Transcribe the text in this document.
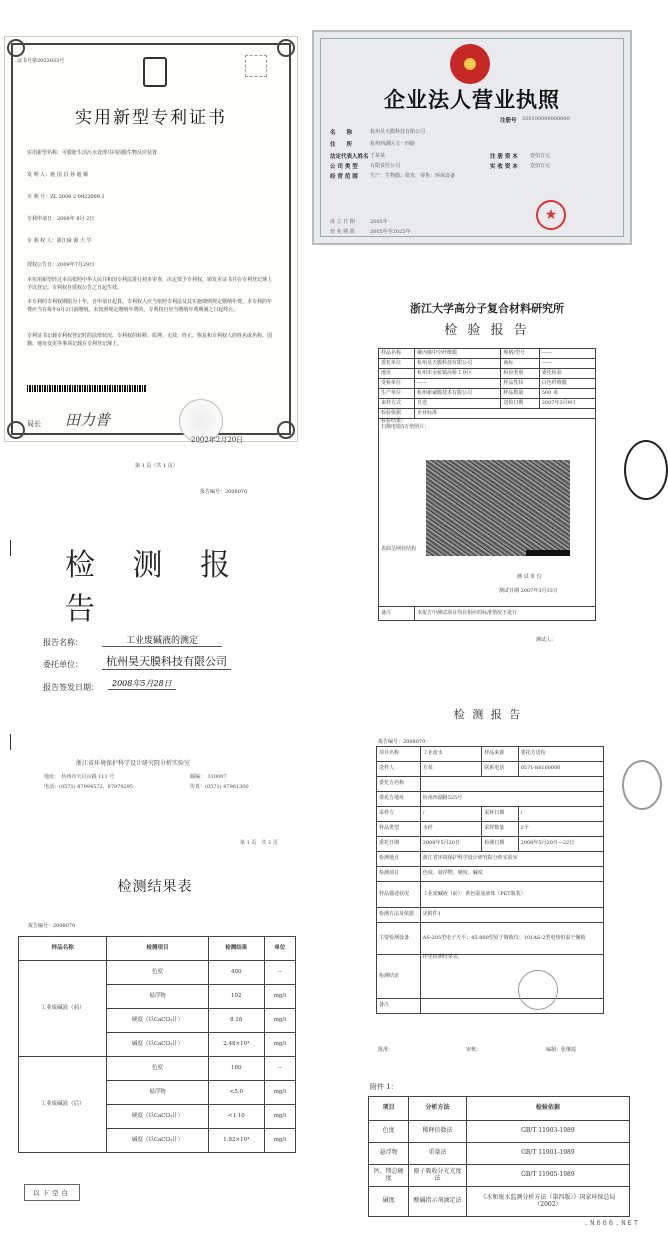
证书号第2023033号
实用新型专利证书
实用新型名称：可膨胀生活污水处理共同固膜生物反应装置
发 明 人：施 国 昌 孙 超 顺
专 利 号：ZL 2008 2 0922099.1
专利申请日：2008年 8月 2日
专 利 权 人：浙江绿 源 大 学
授权公告日：2009年7月29日
本实用新型经过本局依照中华人民共和国专利法进行初步审查，决定授予专利权，颁发本证书并在专利登记簿上予以登记。专利权自授权公告之日起生效。
本专利的专利权期限为十年，自申请日起算。专利权人应当依照专利法及其实施细则规定缴纳年费。本专利的年费应当在每年8月2日前缴纳。未按照规定缴纳年费的，专利权自应当缴纳年费期满之日起终止。
专利证书记载专利权登记时的法律状况。专利权的转移、质押、无效、终止、恢复和专利权人的姓名或名称、国籍、地址变更等事项记载在专利登记簿上。
局长 田力普
2002年2月20日
第 1 页（共 1 页）
企业法人营业执照
注册号 330100000000000
名　　称	杭州昊天膜科技有限公司
住　　所	杭州西湖区文一西路
法定代表人姓名 王某某
公 司 类 型 有限责任公司
经 营 范 围 生产：生物膜；批发、零售：环保设备
注 册 资 本 壹佰万元
实 收 资 本 壹佰万元
成 立 日 期	2005年
营 业 期 限	2005年至2025年
★
浙江大学高分子复合材料研究所
检 验 报 告
样品名称	聚丙烯中空纤维膜	规格/型号	------
委托单位	杭州昊天膜科技有限公司	商标	------
地址	杭州市余杭镇高桥工业区	检验类别	委托检验
受检单位	------	样品性状	白色纤维膜
生产单位	杭州新诚膜技术有限公司	样品数量	500 米
来样方式	自送	送检日期	2007年3月9日
检验依据	企业标准		

检验结果：
扫描电镜5万倍照片：
表面呈网状结构
测 试 单 位
测试日期 2007年3月13日			

备注	本报告中测试项目均在相应的标准情况下进行		
测试人：
报告编号：2008070
检 测 报 告
报告名称：	工业废碱液的测定
委托单位：	杭州昊天膜科技有限公司
报告签发日期：	2008年5月28日
浙江省环境保护科学设计研究院分析实验室
地址：　杭州市天目山路 111 号	邮编：　310007
电话：(0571) 87994572、87979295	传真：(0571) 87961300
第 1 页　共 2 页
检测结果表
报告编号：2008070
样品名称	检测项目	检测结果	单位
工业废碱液（前）	色度	400	--
	悬浮物	102	mg/l
	硬度（以CaCO₃计）	8.18	mg/l
	碱度（以CaCO₃计）	2.48×10⁴	mg/l
工业废碱液（后）	色度	160	--
	悬浮物	<5.0	mg/l
	硬度（以CaCO₃计）	<1.10	mg/l
	碱度（以CaCO₃计）	1.82×10⁴	mg/l
以下空白
检 测 报 告
报告编号：2008070
项目名称	工业废水	样品来源	委托方送检
送样人	方某	联系电话	0571-88160000
委托方名称			
委托方地址	杭州西湖路525号		
采样方	/	采样日期	/
样品类型	水样	采样数量	2个
委托日期	2008年5月20日	检测日期	2008年5月20日—22日
检测地点	浙江省环境保护科学设计研究院分析实验室		
检测项目	色度、悬浮物、硬度、碱度		
样品描述状况	工业废碱液（前）：黄色混浊液体（PET瓶装）		
检测方法及依据	见附件1		
主要检测设备	AS-205型电子天平；45-800型原子吸收仪；101AS-2型电热恒温干燥箱		
检测结论	详见检测结果表。		
备注			
批准：	审核：	编制：张继霞
附件 1：
项目	分析方法	检验依据
色度	稀释倍数法	GB/T 11903-1989
悬浮物	重量法	GB/T 11901-1989
钙、镁总硬度	原子吸收分光光度法	GB/T 11905-1989
碱度	酸碱指示剂滴定法	《水和废水监测分析方法（第四版）》国家环保总局（2002）
.N666.NET
